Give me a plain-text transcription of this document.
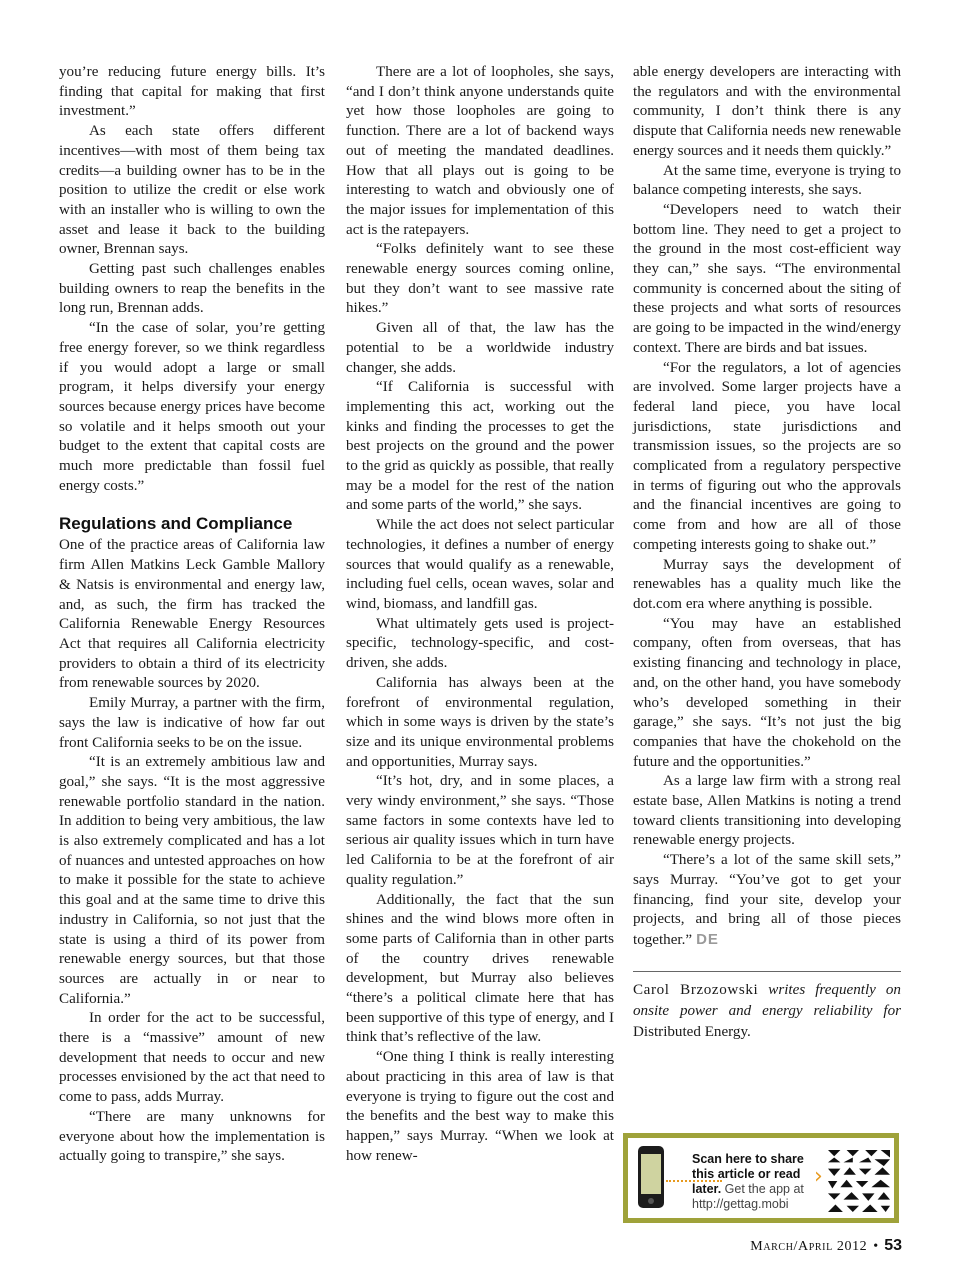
you’re reducing future energy bills. It’s finding that capital for making that first investment.”

As each state offers different incentives—with most of them being tax credits—a building owner has to be in the position to utilize the credit or else work with an installer who is willing to own the asset and lease it back to the building owner, Brennan says.

Getting past such challenges enables building owners to reap the benefits in the long run, Brennan adds.

“In the case of solar, you’re getting free energy forever, so we think regardless if you would adopt a large or small program, it helps diversify your energy sources because energy prices have become so volatile and it helps smooth out your budget to the extent that capital costs are much more predictable than fossil fuel energy costs.”

Regulations and Compliance

One of the practice areas of California law firm Allen Matkins Leck Gamble Mallory & Natsis is environmental and energy law, and, as such, the firm has tracked the California Renewable Energy Resources Act that requires all California electricity providers to obtain a third of its electricity from renewable sources by 2020.

Emily Murray, a partner with the firm, says the law is indicative of how far out front California seeks to be on the issue.

“It is an extremely ambitious law and goal,” she says. “It is the most aggressive renewable portfolio standard in the nation. In addition to being very ambitious, the law is also extremely complicated and has a lot of nuances and untested approaches on how to make it possible for the state to achieve this goal and at the same time to drive this industry in California, so not just that the state is using a third of its power from renewable energy sources, but that those sources are actually in or near to California.”

In order for the act to be successful, there is a “massive” amount of new development that needs to occur and new processes envisioned by the act that need to come to pass, adds Murray.

“There are many unknowns for everyone about how the implementation is actually going to transpire,” she says.

There are a lot of loopholes, she says, “and I don’t think anyone understands quite yet how those loopholes are going to function. There are a lot of backend ways out of meeting the mandated deadlines. How that all plays out is going to be interesting to watch and obviously one of the major issues for implementation of this act is the ratepayers.

“Folks definitely want to see these renewable energy sources coming online, but they don’t want to see massive rate hikes.”

Given all of that, the law has the potential to be a worldwide industry changer, she adds.

“If California is successful with implementing this act, working out the kinks and finding the processes to get the best projects on the ground and the power to the grid as quickly as possible, that really may be a model for the rest of the nation and some parts of the world,” she says.

While the act does not select particular technologies, it defines a number of energy sources that would qualify as a renewable, including fuel cells, ocean waves, solar and wind, biomass, and landfill gas.

What ultimately gets used is project-specific, technology-specific, and cost-driven, she adds.

California has always been at the forefront of environmental regulation, which in some ways is driven by the state’s size and its unique environmental problems and opportunities, Murray says.

“It’s hot, dry, and in some places, a very windy environment,” she says. “Those same factors in some contexts have led to serious air quality issues which in turn have led California to be at the forefront of air quality regulation.”

Additionally, the fact that the sun shines and the wind blows more often in some parts of California than in other parts of the country drives renewable development, but Murray also believes “there’s a political climate here that has been supportive of this type of energy, and I think that’s reflective of the law.

“One thing I think is really interesting about practicing in this area of law is that everyone is trying to figure out the cost and the benefits and the best way to make this happen,” says Murray. “When we look at how renew-

able energy developers are interacting with the regulators and with the environmental community, I don’t think there is any dispute that California needs new renewable energy sources and it needs them quickly.”

At the same time, everyone is trying to balance competing interests, she says.

“Developers need to watch their bottom line. They need to get a project to the ground in the most cost-efficient way they can,” she says. “The environmental community is concerned about the siting of these projects and what sorts of resources are going to be impacted in the wind/energy context. There are birds and bat issues.

“For the regulators, a lot of agencies are involved. Some larger projects have a federal land piece, you have local jurisdictions, state jurisdictions and transmission issues, so the projects are so complicated from a regulatory perspective in terms of figuring out who the approvals and the financial incentives are going to come from and how are all of those competing interests going to shake out.”

Murray says the development of renewables has a quality much like the dot.com era where anything is possible.

“You may have an established company, often from overseas, that has existing financing and technology in place, and, on the other hand, you have somebody who’s developed something in their garage,” she says. “It’s not just the big companies that have the chokehold on the future and the opportunities.”

As a large law firm with a strong real estate base, Allen Matkins is noting a trend toward clients transitioning into developing renewable energy projects.

“There’s a lot of the same skill sets,” says Murray. “You’ve got to get your financing, find your site, develop your projects, and bring all of those pieces together.” DE

Carol Brzozowski writes frequently on onsite power and energy reliability for Distributed Energy.
Scan here to share
this article or read
later. Get the app at
http://gettag.mobi
›
March/April 2012 • 53
